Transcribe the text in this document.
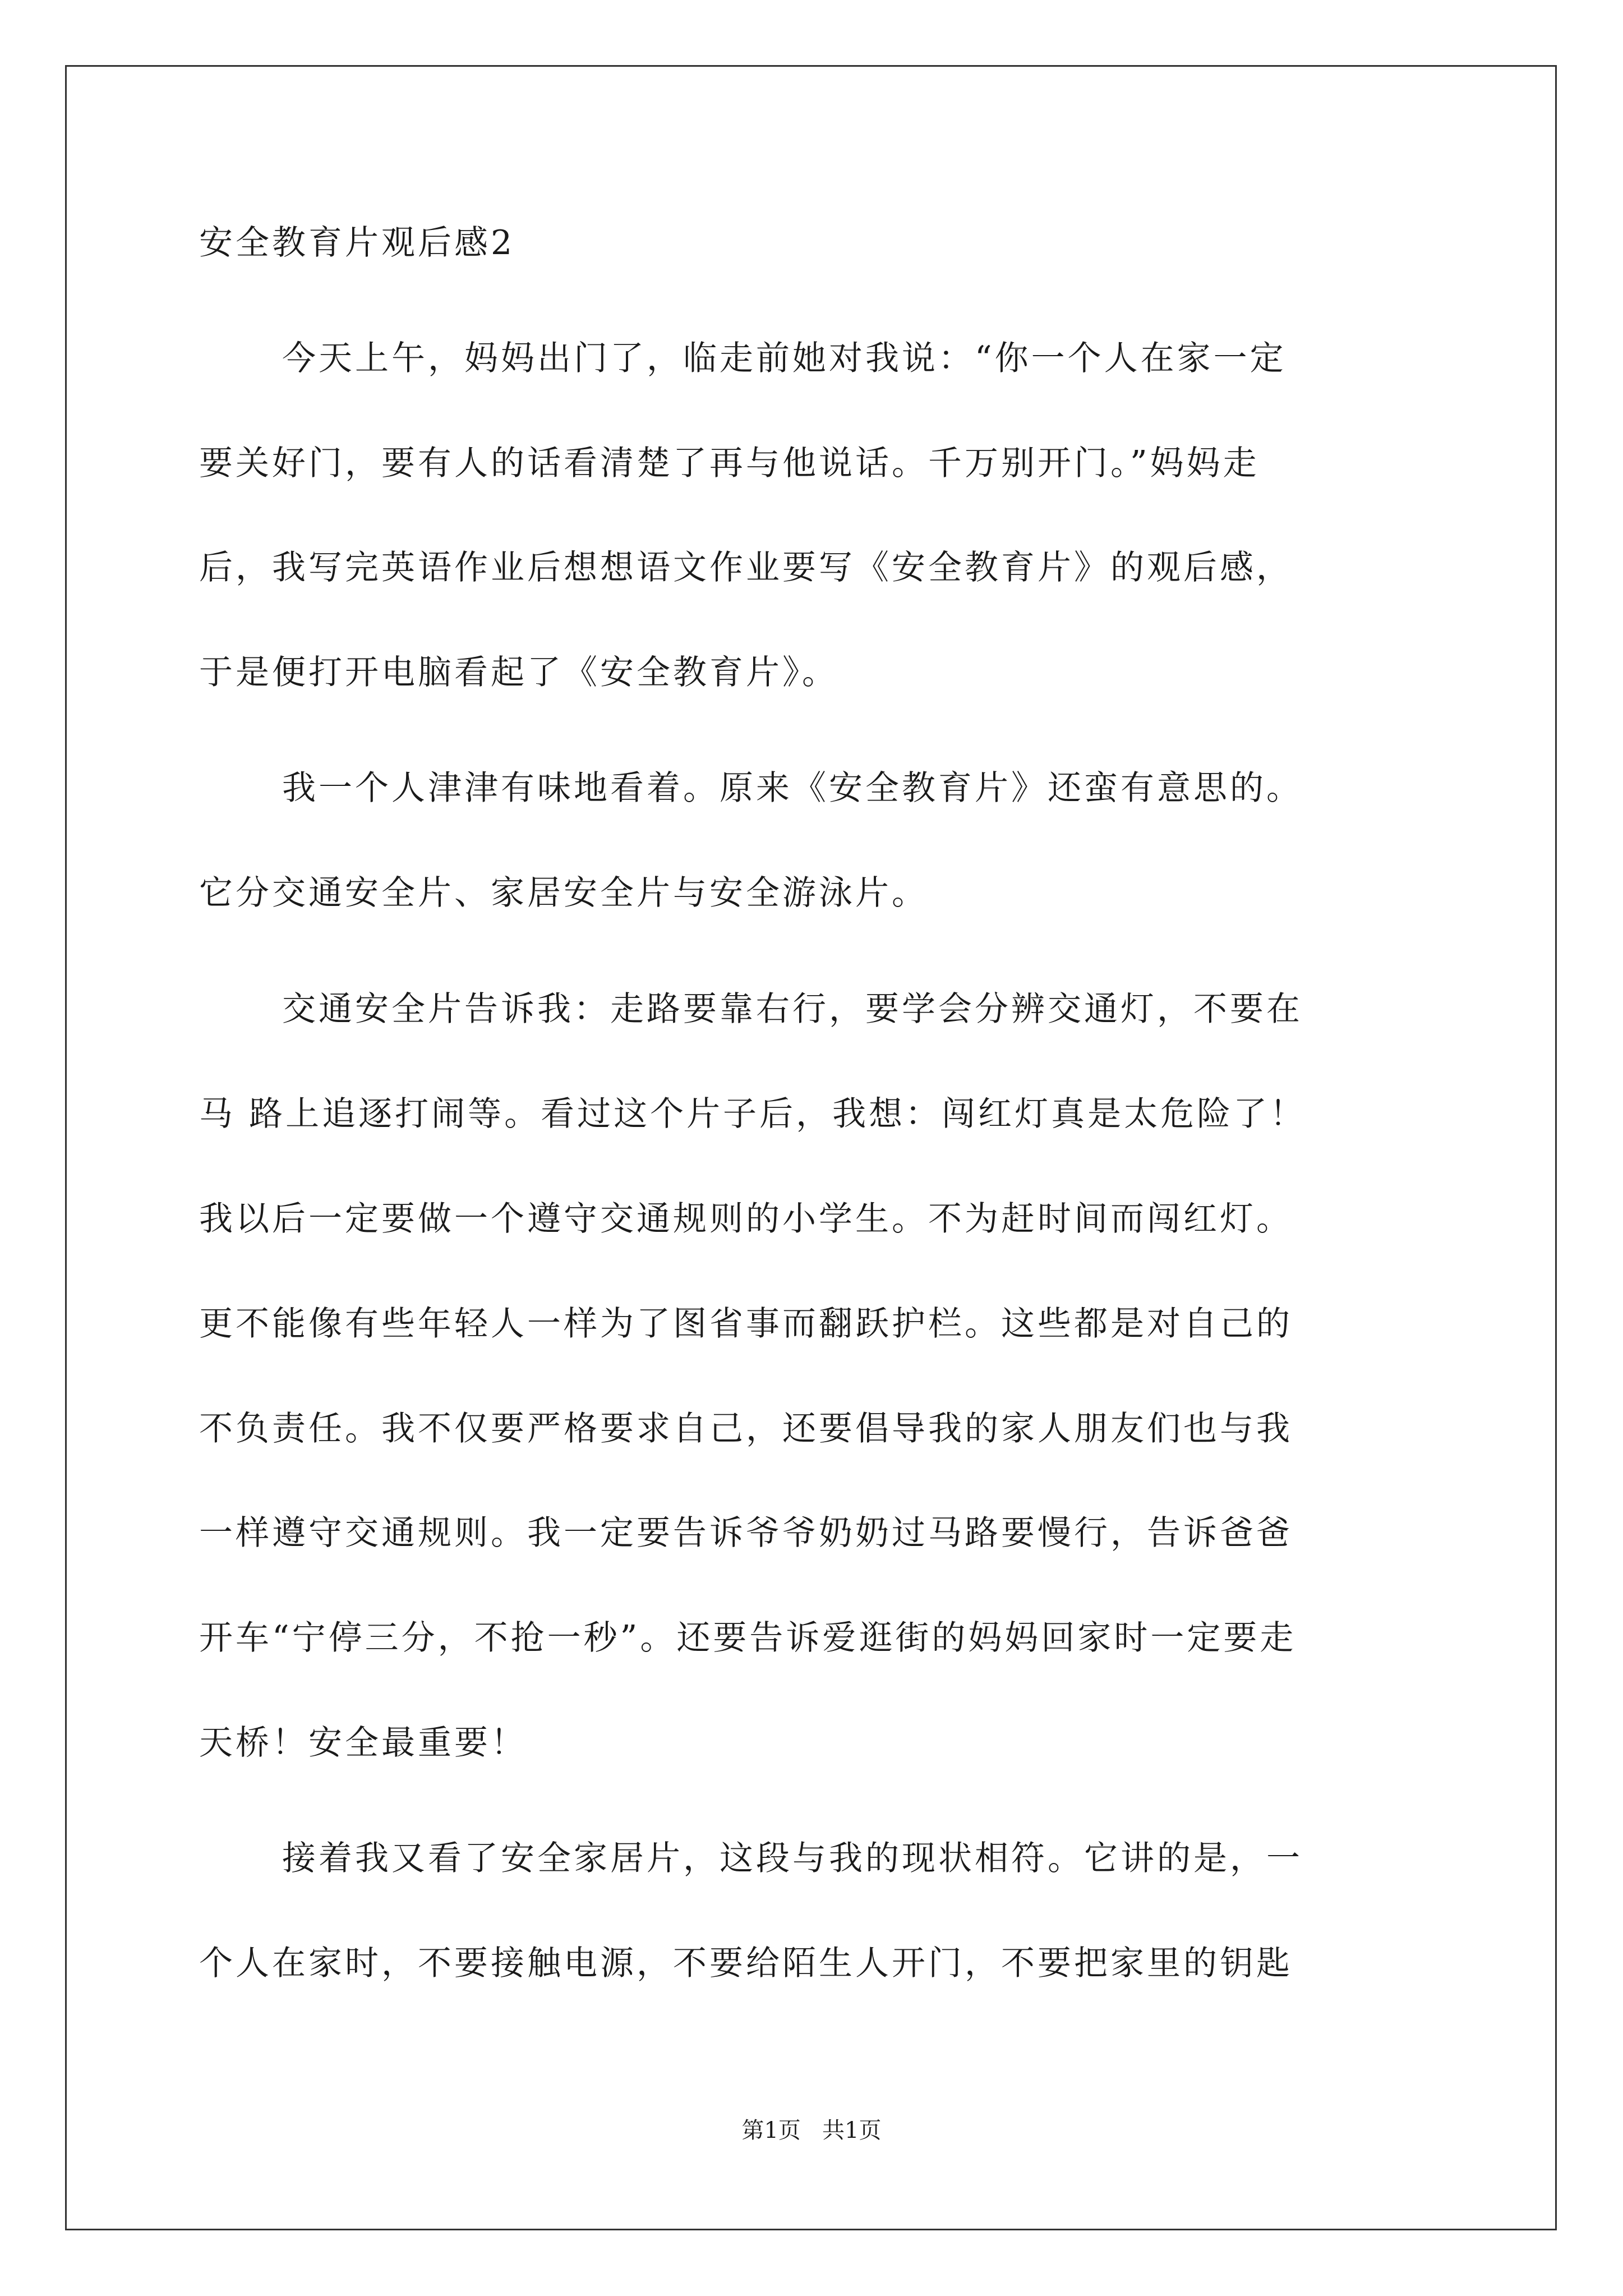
安全教育片观后感2

今天上午，妈妈出门了，临走前她对我说：“你一个人在家一定

要关好门，要有人的话看清楚了再与他说话。千万别开门。”妈妈走

后，我写完英语作业后想想语文作业要写《安全教育片》的观后感，

于是便打开电脑看起了《安全教育片》。

我一个人津津有味地看着。原来《安全教育片》还蛮有意思的。

它分交通安全片、家居安全片与安全游泳片。

交通安全片告诉我：走路要靠右行，要学会分辨交通灯，不要在

马 路上追逐打闹等。看过这个片子后，我想：闯红灯真是太危险了！

我以后一定要做一个遵守交通规则的小学生。不为赶时间而闯红灯。

更不能像有些年轻人一样为了图省事而翻跃护栏。这些都是对自己的

不负责任。我不仅要严格要求自己，还要倡导我的家人朋友们也与我

一样遵守交通规则。我一定要告诉爷爷奶奶过马路要慢行，告诉爸爸

开车“宁停三分，不抢一秒”。还要告诉爱逛街的妈妈回家时一定要走

天桥！安全最重要！

接着我又看了安全家居片，这段与我的现状相符。它讲的是，一

个人在家时，不要接触电源，不要给陌生人开门，不要把家里的钥匙

第1页   共1页
